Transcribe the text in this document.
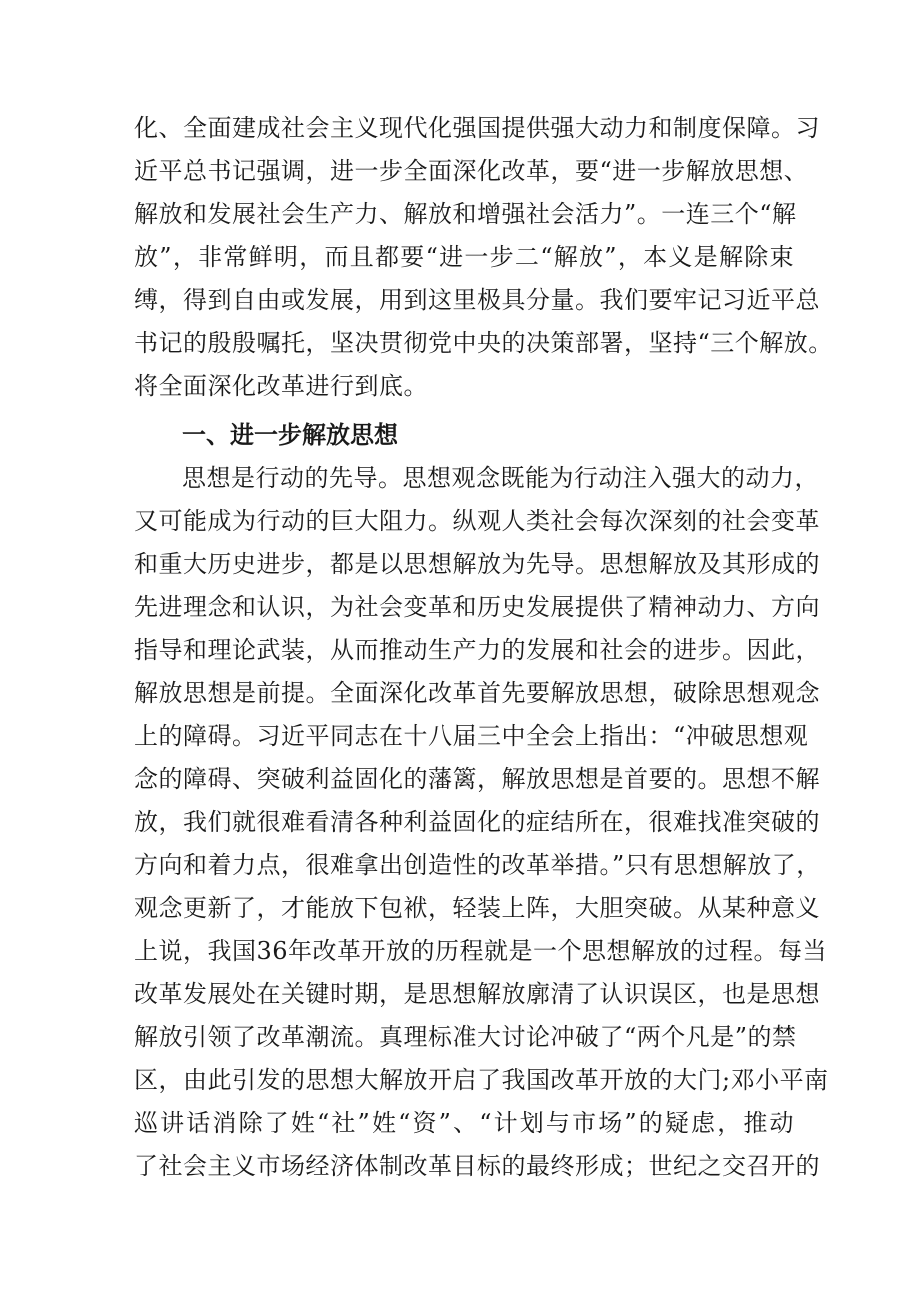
化、全面建成社会主义现代化强国提供强大动力和制度保障。习
近平总书记强调，进一步全面深化改革，要“进一步解放思想、
解放和发展社会生产力、解放和增强社会活力”。一连三个“解
放”，非常鲜明，而且都要“进一步二“解放”，本义是解除束
缚，得到自由或发展，用到这里极具分量。我们要牢记习近平总
书记的殷殷嘱托，坚决贯彻党中央的决策部署，坚持“三个解放。
将全面深化改革进行到底。
一、进一步解放思想
思想是行动的先导。思想观念既能为行动注入强大的动力，
又可能成为行动的巨大阻力。纵观人类社会每次深刻的社会变革
和重大历史进步，都是以思想解放为先导。思想解放及其形成的
先进理念和认识，为社会变革和历史发展提供了精神动力、方向
指导和理论武装，从而推动生产力的发展和社会的进步。因此，
解放思想是前提。全面深化改革首先要解放思想，破除思想观念
上的障碍。习近平同志在十八届三中全会上指出：“冲破思想观
念的障碍、突破利益固化的藩篱，解放思想是首要的。思想不解
放，我们就很难看清各种利益固化的症结所在，很难找准突破的
方向和着力点，很难拿出创造性的改革举措。”只有思想解放了，
观念更新了，才能放下包袱，轻装上阵，大胆突破。从某种意义
上说，我国36年改革开放的历程就是一个思想解放的过程。每当
改革发展处在关键时期，是思想解放廓清了认识误区，也是思想
解放引领了改革潮流。真理标准大讨论冲破了“两个凡是”的禁
区，由此引发的思想大解放开启了我国改革开放的大门;邓小平南
巡讲话消除了姓“社”姓“资”、“计划与市场”的疑虑，推动
了社会主义市场经济体制改革目标的最终形成；世纪之交召开的
